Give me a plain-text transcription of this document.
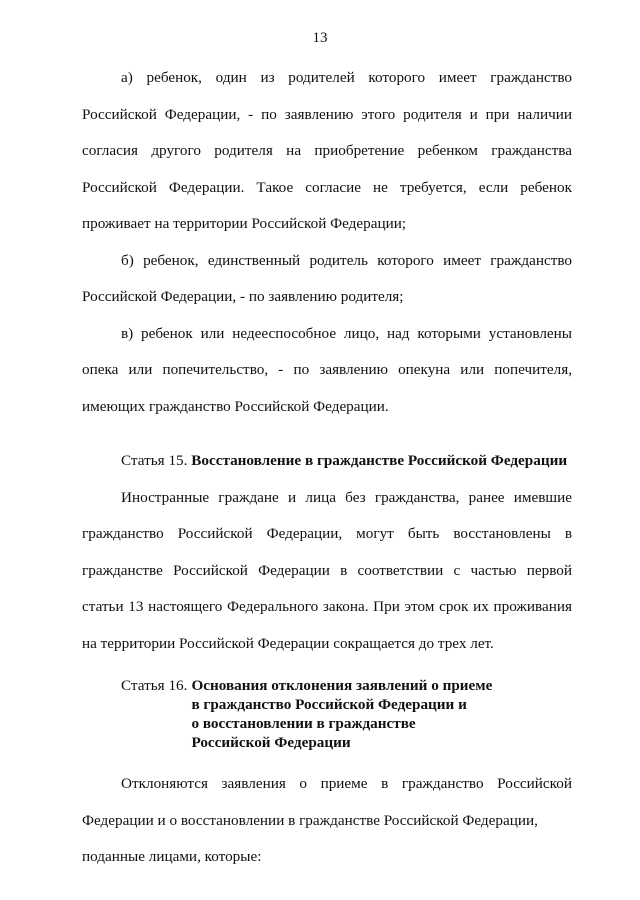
13

а) ребенок, один из родителей которого имеет гражданство Российской Федерации, - по заявлению этого родителя и при наличии согласия другого родителя на приобретение ребенком гражданства Российской Федерации. Такое согласие не требуется, если ребенок проживает на территории Российской Федерации;

б) ребенок, единственный родитель которого имеет гражданство Российской Федерации, - по заявлению родителя;

в) ребенок или недееспособное лицо, над которыми установлены опека или попечительство, - по заявлению опекуна или попечителя, имеющих гражданство Российской Федерации.

Статья 15. Восстановление в гражданстве Российской Федерации

Иностранные граждане и лица без гражданства, ранее имевшие гражданство Российской Федерации, могут быть восстановлены в гражданстве Российской Федерации в соответствии с частью первой статьи 13 настоящего Федерального закона. При этом срок их проживания на территории Российской Федерации сокращается до трех лет.

Статья 16. Основания отклонения заявлений о приеме
в гражданство Российской Федерации и
о восстановлении в гражданстве
Российской Федерации

Отклоняются заявления о приеме в гражданство Российской Федерации и о восстановлении в гражданстве Российской Федерации,

поданные лицами, которые:
